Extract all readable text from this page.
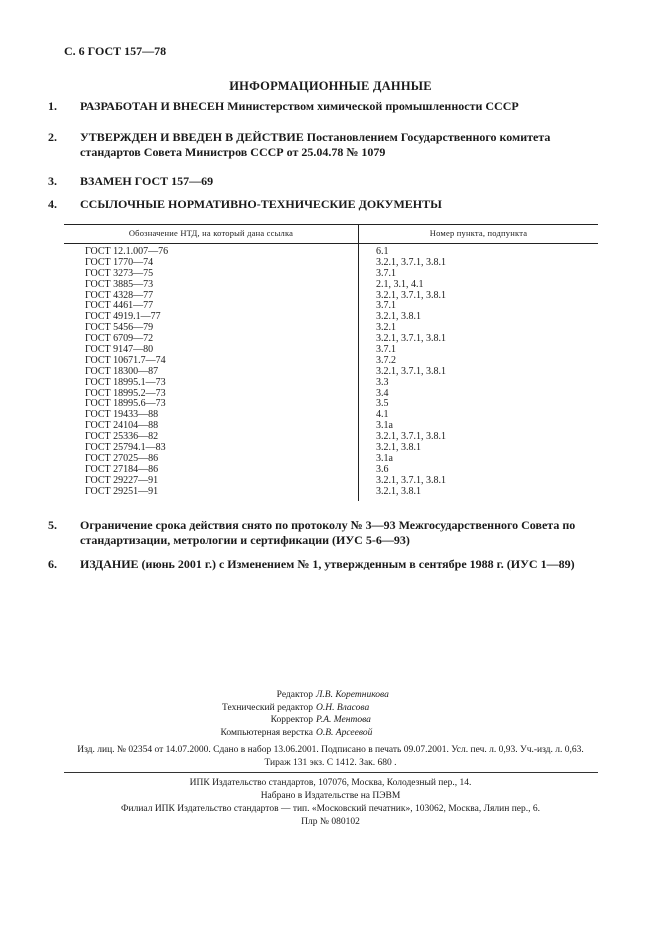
С. 6 ГОСТ 157—78
ИНФОРМАЦИОННЫЕ ДАННЫЕ
1. РАЗРАБОТАН И ВНЕСЕН Министерством химической промышленности СССР
2. УТВЕРЖДЕН И ВВЕДЕН В ДЕЙСТВИЕ Постановлением Государственного комитета стандартов Совета Министров СССР от 25.04.78 № 1079
3. ВЗАМЕН ГОСТ 157—69
4. ССЫЛОЧНЫЕ НОРМАТИВНО-ТЕХНИЧЕСКИЕ ДОКУМЕНТЫ
Обозначение НТД, на который дана ссылка	Номер пункта, подпункта
ГОСТ 12.1.007—76	6.1
ГОСТ 1770—74	3.2.1, 3.7.1, 3.8.1
ГОСТ 3273—75	3.7.1
ГОСТ 3885—73	2.1, 3.1, 4.1
ГОСТ 4328—77	3.2.1, 3.7.1, 3.8.1
ГОСТ 4461—77	3.7.1
ГОСТ 4919.1—77	3.2.1, 3.8.1
ГОСТ 5456—79	3.2.1
ГОСТ 6709—72	3.2.1, 3.7.1, 3.8.1
ГОСТ 9147—80	3.7.1
ГОСТ 10671.7—74	3.7.2
ГОСТ 18300—87	3.2.1, 3.7.1, 3.8.1
ГОСТ 18995.1—73	3.3
ГОСТ 18995.2—73	3.4
ГОСТ 18995.6—73	3.5
ГОСТ 19433—88	4.1
ГОСТ 24104—88	3.1а
ГОСТ 25336—82	3.2.1, 3.7.1, 3.8.1
ГОСТ 25794.1—83	3.2.1, 3.8.1
ГОСТ 27025—86	3.1а
ГОСТ 27184—86	3.6
ГОСТ 29227—91	3.2.1, 3.7.1, 3.8.1
ГОСТ 29251—91	3.2.1, 3.8.1
5. Ограничение срока действия снято по протоколу № 3—93 Межгосударственного Совета по стандартизации, метрологии и сертификации (ИУС 5-6—93)
6. ИЗДАНИЕ (июнь 2001 г.) с Изменением № 1, утвержденным в сентябре 1988 г. (ИУС 1—89)
Редактор Л.В. Коретникова
Технический редактор О.Н. Власова
Корректор Р.А. Ментова
Компьютерная верстка О.В. Арсеевой
Изд. лиц. № 02354 от 14.07.2000. Сдано в набор 13.06.2001. Подписано в печать 09.07.2001. Усл. печ. л. 0,93. Уч.-изд. л. 0,63.
Тираж 131 экз. С 1412. Зак. 680 .
ИПК Издательство стандартов, 107076, Москва, Колодезный пер., 14.
Набрано в Издательстве на ПЭВМ
Филиал ИПК Издательство стандартов — тип. «Московский печатник», 103062, Москва, Лялин пер., 6.
Плр № 080102
